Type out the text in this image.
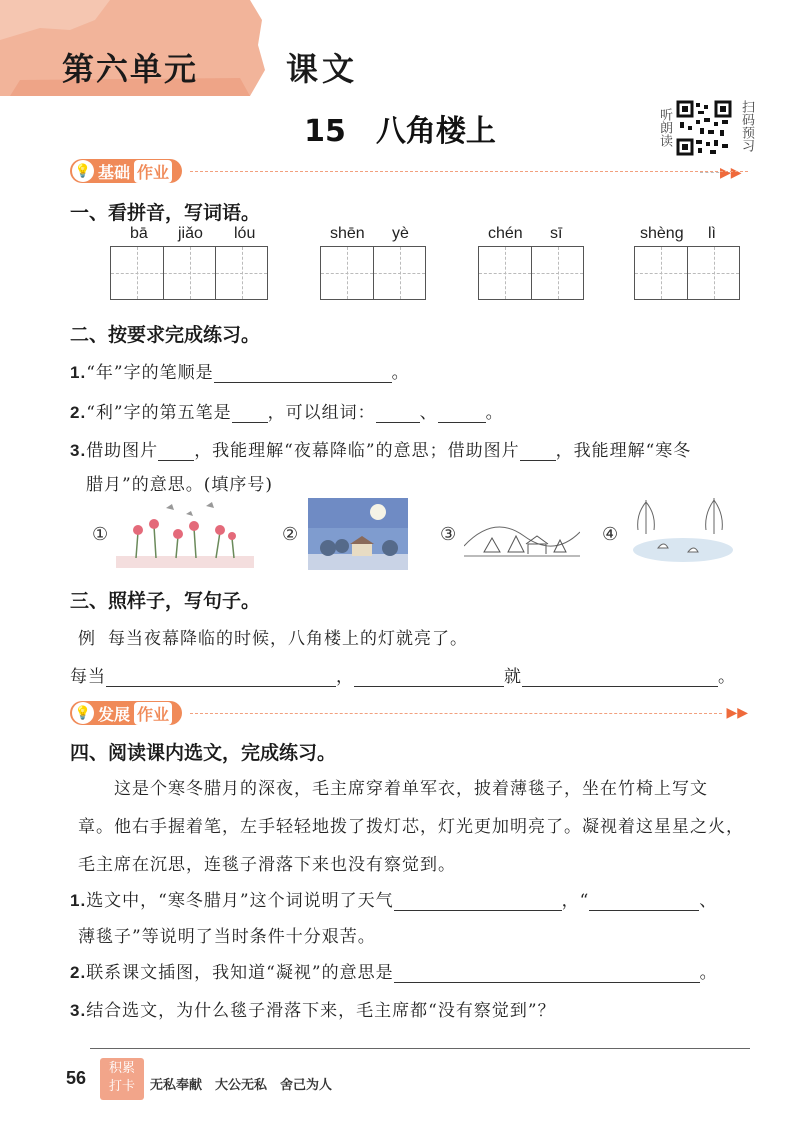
第六单元	课文
15　八角楼上	听朗读	扫码预习
▶▶
💡 基础 作业
一、看拼音，写词语。
bā jiǎo lóu	shēn yè	chén sī	shèng lì
二、按要求完成练习。
1.“年”字的笔顺是	。
2.“利”字的第五笔是 ，可以组词：	、	。
3.借助图片 ，我能理解“夜幕降临”的意思；借助图片 ，我能理解“寒冬
腊月”的意思。(填序号)
①	②	③	④
三、照样子，写句子。
例 每当夜幕降临的时候，八角楼上的灯就亮了。
每当	，	就	。
💡 发展 作业	▶▶
四、阅读课内选文，完成练习。
这是个寒冬腊月的深夜，毛主席穿着单军衣，披着薄毯子，坐在竹椅上写文
章。他右手握着笔，左手轻轻地拨了拨灯芯，灯光更加明亮了。凝视着这星星之火，
毛主席在沉思，连毯子滑落下来也没有察觉到。
1.选文中，“寒冬腊月”这个词说明了天气	，“	、
薄毯子”等说明了当时条件十分艰苦。
2.联系课文插图，我知道“凝视”的意思是	。
3.结合选文，为什么毯子滑落下来，毛主席都“没有察觉到”？
56	积累
打卡	无私奉献　大公无私　舍己为人
